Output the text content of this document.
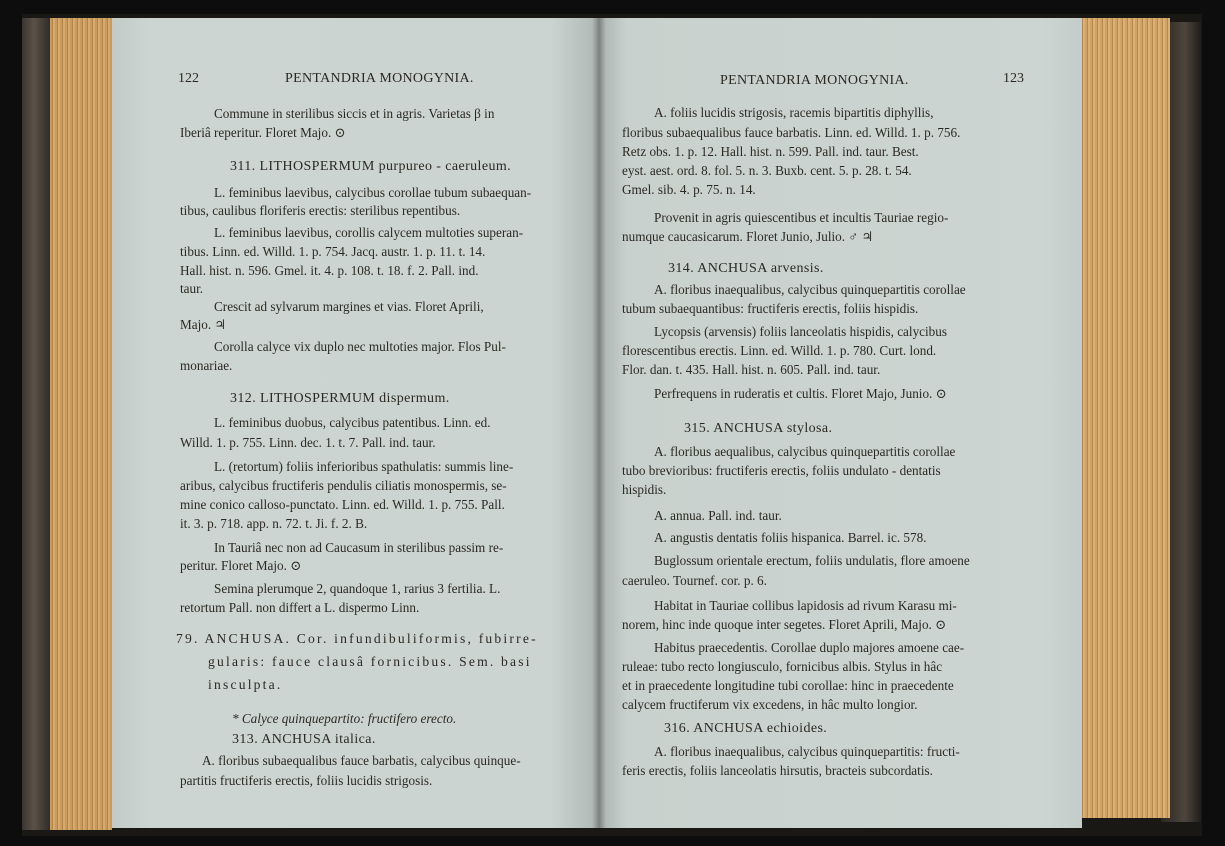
122	PENTANDRIA MONOGYNIA.
Commune in sterilibus siccis et in agris. Varietas β in
Iberiâ reperitur. Floret Majo. ⊙
311. LITHOSPERMUM purpureo - caeruleum.
L. feminibus laevibus, calycibus corollae tubum subaequan-
tibus, caulibus floriferis erectis: sterilibus repentibus.
L. feminibus laevibus, corollis calycem multoties superan-
tibus. Linn. ed. Willd. 1. p. 754. Jacq. austr. 1. p. 11. t. 14.
Hall. hist. n. 596. Gmel. it. 4. p. 108. t. 18. f. 2. Pall. ind.
taur.
Crescit ad sylvarum margines et vias. Floret Aprili,
Majo. ♃
Corolla calyce vix duplo nec multoties major. Flos Pul-
monariae.
312. LITHOSPERMUM dispermum.
L. feminibus duobus, calycibus patentibus. Linn. ed.
Willd. 1. p. 755. Linn. dec. 1. t. 7. Pall. ind. taur.
L. (retortum) foliis inferioribus spathulatis: summis line-
aribus, calycibus fructiferis pendulis ciliatis monospermis, se-
mine conico calloso-punctato. Linn. ed. Willd. 1. p. 755. Pall.
it. 3. p. 718. app. n. 72. t. Ji. f. 2. B.
In Tauriâ nec non ad Caucasum in sterilibus passim re-
peritur. Floret Majo. ⊙
Semina plerumque 2, quandoque 1, rarius 3 fertilia. L.
retortum Pall. non differt a L. dispermo Linn.
79. ANCHUSA. Cor. infundibuliformis, fubirre-
gularis: fauce clausâ fornicibus. Sem. basi
insculpta.
* Calyce quinquepartito: fructifero erecto.
313. ANCHUSA italica.
A. floribus subaequalibus fauce barbatis, calycibus quinque-
partitis fructiferis erectis, foliis lucidis strigosis.
PENTANDRIA MONOGYNIA.	123
A. foliis lucidis strigosis, racemis bipartitis diphyllis,
floribus subaequalibus fauce barbatis. Linn. ed. Willd. 1. p. 756.
Retz obs. 1. p. 12. Hall. hist. n. 599. Pall. ind. taur. Best.
eyst. aest. ord. 8. fol. 5. n. 3. Buxb. cent. 5. p. 28. t. 54.
Gmel. sib. 4. p. 75. n. 14.
Provenit in agris quiescentibus et incultis Tauriae regio-
numque caucasicarum. Floret Junio, Julio. ♂ ♃
314. ANCHUSA arvensis.
A. floribus inaequalibus, calycibus quinquepartitis corollae
tubum subaequantibus: fructiferis erectis, foliis hispidis.
Lycopsis (arvensis) foliis lanceolatis hispidis, calycibus
florescentibus erectis. Linn. ed. Willd. 1. p. 780. Curt. lond.
Flor. dan. t. 435. Hall. hist. n. 605. Pall. ind. taur.
Perfrequens in ruderatis et cultis. Floret Majo, Junio. ⊙
315. ANCHUSA stylosa.
A. floribus aequalibus, calycibus quinquepartitis corollae
tubo brevioribus: fructiferis erectis, foliis undulato - dentatis
hispidis.
A. annua. Pall. ind. taur.
A. angustis dentatis foliis hispanica. Barrel. ic. 578.
Buglossum orientale erectum, foliis undulatis, flore amoene
caeruleo. Tournef. cor. p. 6.
Habitat in Tauriae collibus lapidosis ad rivum Karasu mi-
norem, hinc inde quoque inter segetes. Floret Aprili, Majo. ⊙
Habitus praecedentis. Corollae duplo majores amoene cae-
ruleae: tubo recto longiusculo, fornicibus albis. Stylus in hâc
et in praecedente longitudine tubi corollae: hinc in praecedente
calycem fructiferum vix excedens, in hâc multo longior.
316. ANCHUSA echioides.
A. floribus inaequalibus, calycibus quinquepartitis: fructi-
feris erectis, foliis lanceolatis hirsutis, bracteis subcordatis.
